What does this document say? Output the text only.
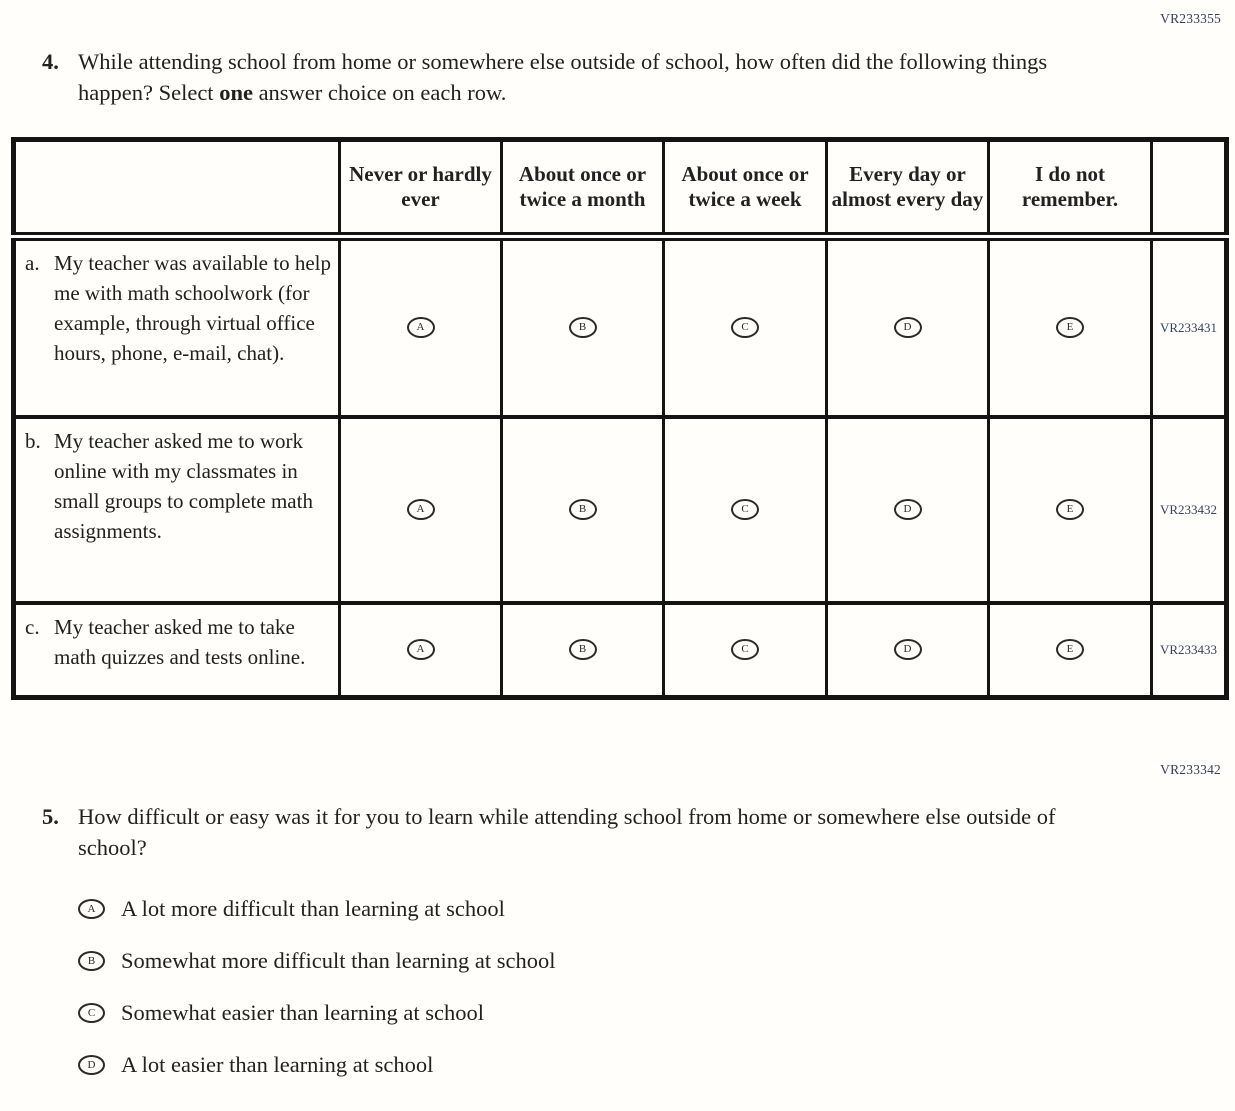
VR233355
4. While attending school from home or somewhere else outside of school, how often did the following things happen? Select one answer choice on each row.
	Never or hardly ever	About once or twice a month	About once or twice a week	Every day or almost every day	I do not remember.	

a. My teacher was available to help me with math schoolwork (for example, through virtual office hours, phone, e-mail, chat).	A	B	C	D	E	VR233431

b. My teacher asked me to work online with my classmates in small groups to complete math assignments.	A	B	C	D	E	VR233432

c. My teacher asked me to take math quizzes and tests online.	A	B	C	D	E	VR233433
VR233342
5. How difficult or easy was it for you to learn while attending school from home or somewhere else outside of school?
A A lot more difficult than learning at school
B Somewhat more difficult than learning at school
C Somewhat easier than learning at school
D A lot easier than learning at school
